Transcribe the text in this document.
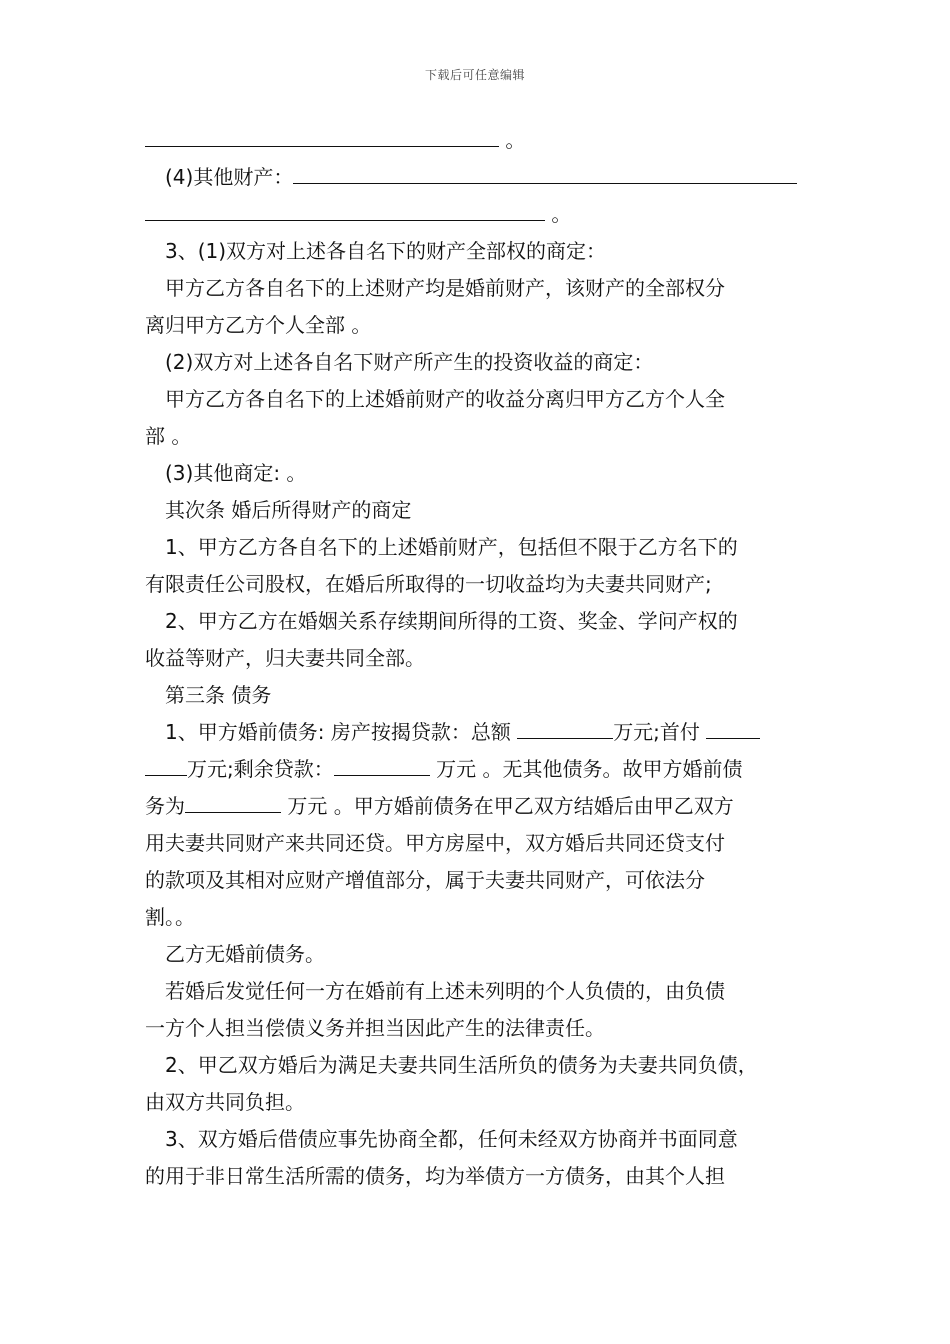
下载后可任意编辑
。
(4)其他财产：
。
3、(1)双方对上述各自名下的财产全部权的商定：
甲方乙方各自名下的上述财产均是婚前财产，该财产的全部权分
离归甲方乙方个人全部 。
(2)双方对上述各自名下财产所产生的投资收益的商定：
甲方乙方各自名下的上述婚前财产的收益分离归甲方乙方个人全
部 。
(3)其他商定: 。
其次条 婚后所得财产的商定
1、甲方乙方各自名下的上述婚前财产，包括但不限于乙方名下的
有限责任公司股权，在婚后所取得的一切收益均为夫妻共同财产;
2、甲方乙方在婚姻关系存续期间所得的工资、奖金、学问产权的
收益等财产，归夫妻共同全部。
第三条 债务
1、甲方婚前债务: 房产按揭贷款：总额	万元;首付
万元;剩余贷款：	万元 。无其他债务。故甲方婚前债
务为	万元 。甲方婚前债务在甲乙双方结婚后由甲乙双方
用夫妻共同财产来共同还贷。甲方房屋中，双方婚后共同还贷支付
的款项及其相对应财产增值部分，属于夫妻共同财产，可依法分
割。。
乙方无婚前债务。
若婚后发觉任何一方在婚前有上述未列明的个人负债的，由负债
一方个人担当偿债义务并担当因此产生的法律责任。
2、甲乙双方婚后为满足夫妻共同生活所负的债务为夫妻共同负债，
由双方共同负担。
3、双方婚后借债应事先协商全都，任何未经双方协商并书面同意
的用于非日常生活所需的债务，均为举债方一方债务，由其个人担
